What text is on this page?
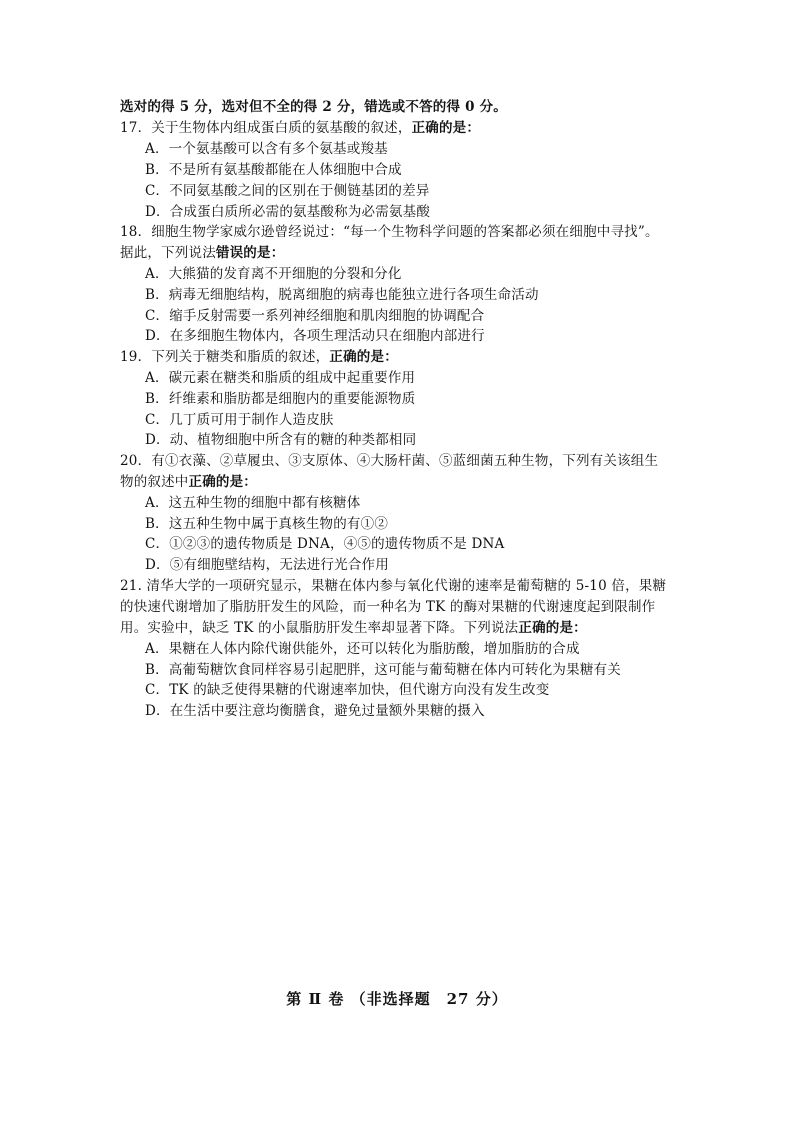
选对的得 5 分，选对但不全的得 2 分，错选或不答的得 0 分。
17．关于生物体内组成蛋白质的氨基酸的叙述，正确的是：
A．一个氨基酸可以含有多个氨基或羧基
B．不是所有氨基酸都能在人体细胞中合成
C．不同氨基酸之间的区别在于侧链基团的差异
D．合成蛋白质所必需的氨基酸称为必需氨基酸
18．细胞生物学家威尔逊曾经说过：“每一个生物科学问题的答案都必须在细胞中寻找”。
据此，下列说法错误的是：
A．大熊猫的发育离不开细胞的分裂和分化
B．病毒无细胞结构，脱离细胞的病毒也能独立进行各项生命活动
C．缩手反射需要一系列神经细胞和肌肉细胞的协调配合
D．在多细胞生物体内，各项生理活动只在细胞内部进行
19．下列关于糖类和脂质的叙述，正确的是：
A．碳元素在糖类和脂质的组成中起重要作用
B．纤维素和脂肪都是细胞内的重要能源物质
C．几丁质可用于制作人造皮肤
D．动、植物细胞中所含有的糖的种类都相同
20．有①衣藻、②草履虫、③支原体、④大肠杆菌、⑤蓝细菌五种生物，下列有关该组生
物的叙述中正确的是：
A．这五种生物的细胞中都有核糖体
B．这五种生物中属于真核生物的有①②
C．①②③的遗传物质是 DNA，④⑤的遗传物质不是 DNA
D．⑤有细胞壁结构，无法进行光合作用
21. 清华大学的一项研究显示，果糖在体内参与氧化代谢的速率是葡萄糖的 5-10 倍，果糖
的快速代谢增加了脂肪肝发生的风险，而一种名为 TK 的酶对果糖的代谢速度起到限制作
用。实验中，缺乏 TK 的小鼠脂肪肝发生率却显著下降。下列说法正确的是：
A．果糖在人体内除代谢供能外，还可以转化为脂肪酸，增加脂肪的合成
B．高葡萄糖饮食同样容易引起肥胖，这可能与葡萄糖在体内可转化为果糖有关
C．TK 的缺乏使得果糖的代谢速率加快，但代谢方向没有发生改变
D．在生活中要注意均衡膳食，避免过量额外果糖的摄入
第 Ⅱ 卷 （非选择题　27 分）
